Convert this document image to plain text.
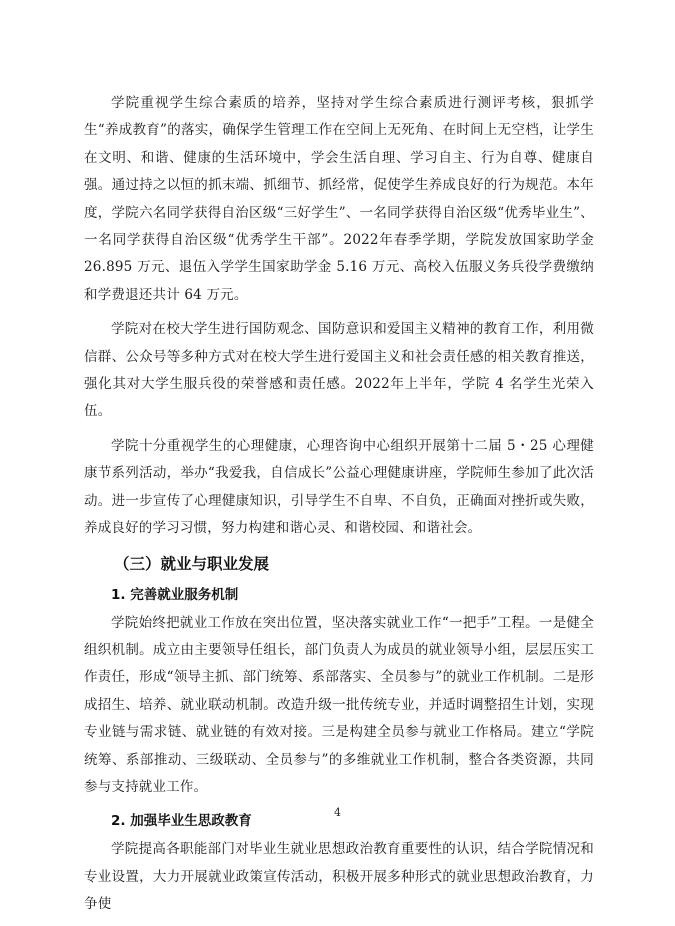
学院重视学生综合素质的培养，坚持对学生综合素质进行测评考核，狠抓学生“养成教育”的落实，确保学生管理工作在空间上无死角、在时间上无空档，让学生在文明、和谐、健康的生活环境中，学会生活自理、学习自主、行为自尊、健康自强。通过持之以恒的抓末端、抓细节、抓经常，促使学生养成良好的行为规范。本年度，学院六名同学获得自治区级“三好学生”、一名同学获得自治区级“优秀毕业生”、一名同学获得自治区级“优秀学生干部”。2022年春季学期，学院发放国家助学金 26.895 万元、退伍入学学生国家助学金 5.16 万元、高校入伍服义务兵役学费缴纳和学费退还共计 64 万元。

学院对在校大学生进行国防观念、国防意识和爱国主义精神的教育工作，利用微信群、公众号等多种方式对在校大学生进行爱国主义和社会责任感的相关教育推送，强化其对大学生服兵役的荣誉感和责任感。2022年上半年，学院 4 名学生光荣入伍。

学院十分重视学生的心理健康，心理咨询中心组织开展第十二届 5・25 心理健康节系列活动，举办“我爱我，自信成长”公益心理健康讲座，学院师生参加了此次活动。进一步宣传了心理健康知识，引导学生不自卑、不自负，正确面对挫折或失败，养成良好的学习习惯，努力构建和谐心灵、和谐校园、和谐社会。

（三）就业与职业发展
1. 完善就业服务机制

学院始终把就业工作放在突出位置，坚决落实就业工作“一把手”工程。一是健全组织机制。成立由主要领导任组长，部门负责人为成员的就业领导小组，层层压实工作责任，形成“领导主抓、部门统筹、系部落实、全员参与”的就业工作机制。二是形成招生、培养、就业联动机制。改造升级一批传统专业，并适时调整招生计划，实现专业链与需求链、就业链的有效对接。三是构建全员参与就业工作格局。建立“学院统筹、系部推动、三级联动、全员参与”的多维就业工作机制，整合各类资源，共同参与支持就业工作。

2. 加强毕业生思政教育

学院提高各职能部门对毕业生就业思想政治教育重要性的认识，结合学院情况和专业设置，大力开展就业政策宣传活动，积极开展多种形式的就业思想政治教育，力争使

4
